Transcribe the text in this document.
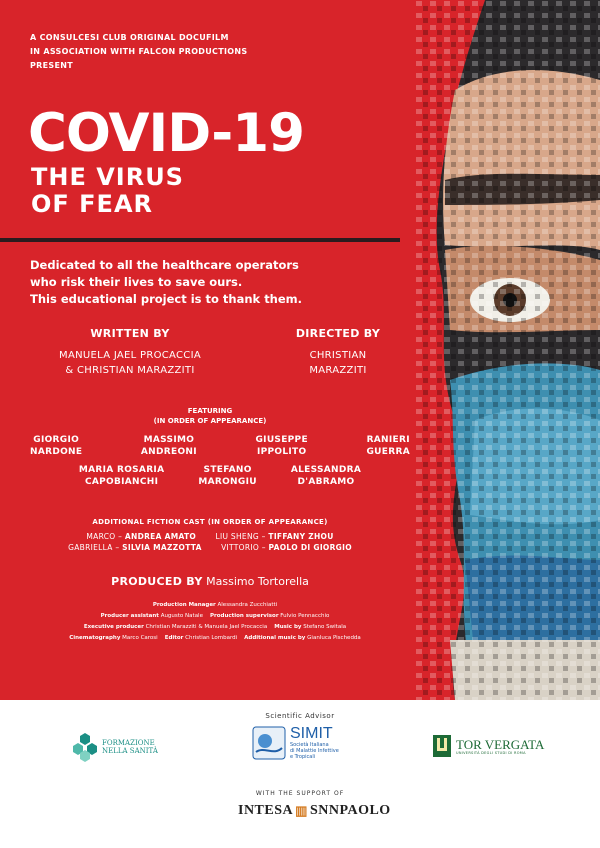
A CONSULCESI CLUB ORIGINAL DOCUFILM
IN ASSOCIATION WITH FALCON PRODUCTIONS
PRESENT
COVID-19
THE VIRUS
OF FEAR
Dedicated to all the healthcare operators
who risk their lives to save ours.
This educational project is to thank them.
WRITTEN BY
MANUELA JAEL PROCACCIA
& CHRISTIAN MARAZZITI
DIRECTED BY
CHRISTIAN
MARAZZITI
FEATURING
(IN ORDER OF APPEARANCE)
GIORGIO
NARDONE
MASSIMO
ANDREONI
GIUSEPPE
IPPOLITO
RANIERI
GUERRA
MARIA ROSARIA
CAPOBIANCHI
STEFANO
MARONGIU
ALESSANDRA
D'ABRAMO
ADDITIONAL FICTION CAST (IN ORDER OF APPEARANCE)
MARCO – ANDREA AMATO	LIU SHENG – TIFFANY ZHOU
GABRIELLA – SILVIA MAZZOTTA	VITTORIO – PAOLO DI GIORGIO
PRODUCED BY Massimo Tortorella
Production Manager Alessandra Zucchiatti
Producer assistant Augusto Natale Production supervisor Fulvio Pennacchio
Executive producer Christian Marazziti & Manuela Jael Procaccia Music by Stefano Switala
Cinematography Marco Carosi Editor Christian Lombardi Additional music by Gianluca Pischedda
Scientific Advisor
FORMAZIONE
NELLA SANITÀ
SIMIT
Società Italiana
di Malattie Infettive
e Tropicali
TOR VERGATA
UNIVERSITÀ DEGLI STUDI DI ROMA
WITH THE SUPPORT OF
INTESA ▥ SNNPAOLO
